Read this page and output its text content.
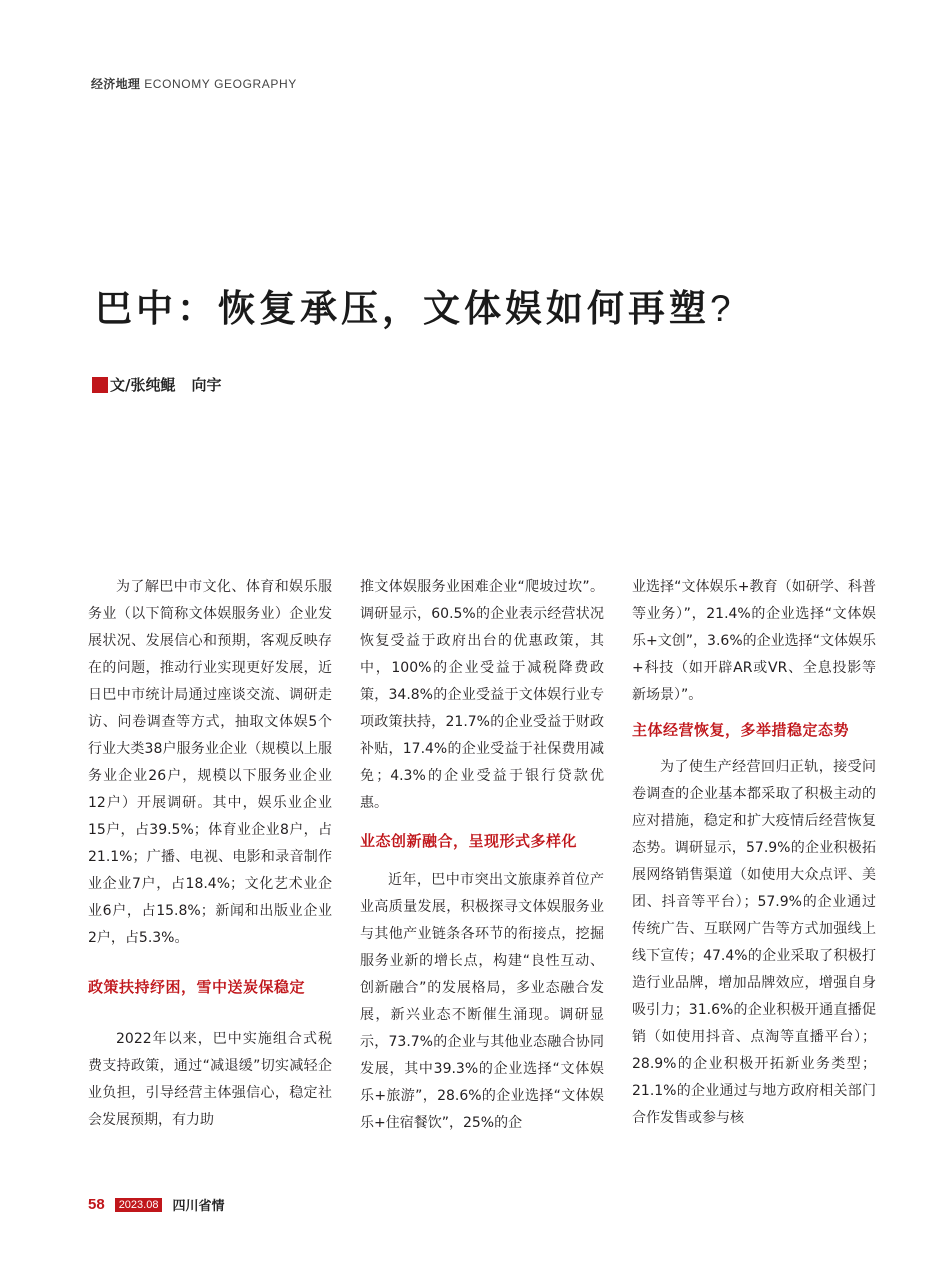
经济地理 ECONOMY GEOGRAPHY
巴中：恢复承压，文体娱如何再塑?
文/张纯鲲 向宇

为了解巴中市文化、体育和娱乐服务业（以下简称文体娱服务业）企业发展状况、发展信心和预期，客观反映存在的问题，推动行业实现更好发展，近日巴中市统计局通过座谈交流、调研走访、问卷调查等方式，抽取文体娱5个行业大类38户服务业企业（规模以上服务业企业26户，规模以下服务业企业12户）开展调研。其中，娱乐业企业15户，占39.5%；体育业企业8户，占21.1%；广播、电视、电影和录音制作业企业7户，占18.4%；文化艺术业企业6户，占15.8%；新闻和出版业企业2户，占5.3%。

政策扶持纾困，雪中送炭保稳定

2022年以来，巴中实施组合式税费支持政策，通过“减退缓”切实减轻企业负担，引导经营主体强信心，稳定社会发展预期，有力助

推文体娱服务业困难企业“爬坡过坎”。调研显示，60.5%的企业表示经营状况恢复受益于政府出台的优惠政策，其中，100%的企业受益于减税降费政策，34.8%的企业受益于文体娱行业专项政策扶持，21.7%的企业受益于财政补贴，17.4%的企业受益于社保费用减免；4.3%的企业受益于银行贷款优惠。

业态创新融合，呈现形式多样化

近年，巴中市突出文旅康养首位产业高质量发展，积极探寻文体娱服务业与其他产业链条各环节的衔接点，挖掘服务业新的增长点，构建“良性互动、创新融合”的发展格局，多业态融合发展，新兴业态不断催生涌现。调研显示，73.7%的企业与其他业态融合协同发展，其中39.3%的企业选择“文体娱乐+旅游”，28.6%的企业选择“文体娱乐+住宿餐饮”，25%的企

业选择“文体娱乐+教育（如研学、科普等业务）”，21.4%的企业选择“文体娱乐+文创”，3.6%的企业选择“文体娱乐+科技（如开辟AR或VR、全息投影等新场景）”。

主体经营恢复，多举措稳定态势

为了使生产经营回归正轨，接受问卷调查的企业基本都采取了积极主动的应对措施，稳定和扩大疫情后经营恢复态势。调研显示，57.9%的企业积极拓展网络销售渠道（如使用大众点评、美团、抖音等平台）；57.9%的企业通过传统广告、互联网广告等方式加强线上线下宣传；47.4%的企业采取了积极打造行业品牌，增加品牌效应，增强自身吸引力；31.6%的企业积极开通直播促销（如使用抖音、点淘等直播平台）；28.9%的企业积极开拓新业务类型；21.1%的企业通过与地方政府相关部门合作发售或参与核

58	2023.08	四川省情
